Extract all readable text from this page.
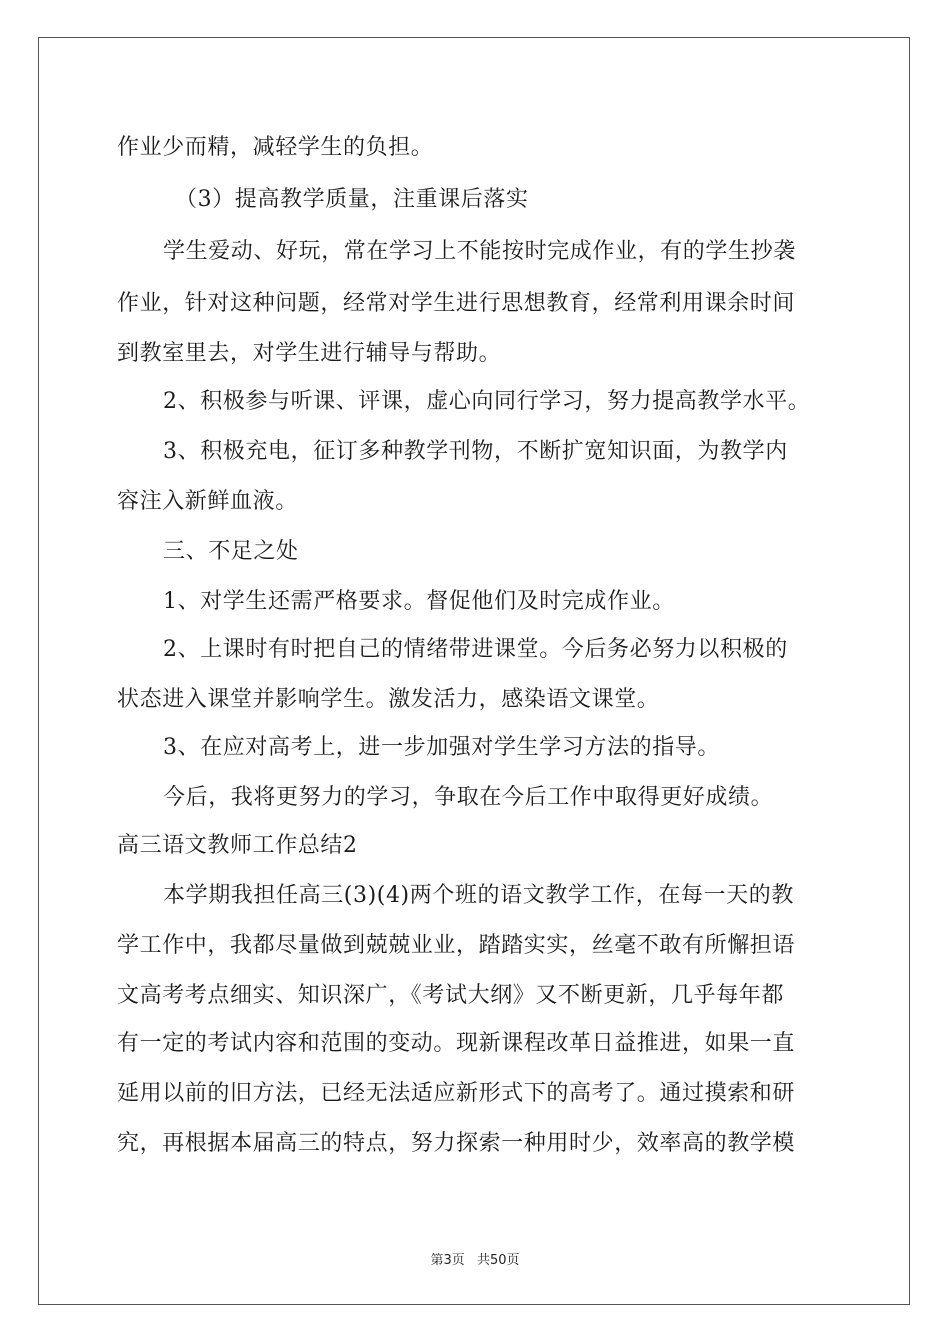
作业少而精，减轻学生的负担。
（3）提高教学质量，注重课后落实
学生爱动、好玩，常在学习上不能按时完成作业，有的学生抄袭
作业，针对这种问题，经常对学生进行思想教育，经常利用课余时间
到教室里去，对学生进行辅导与帮助。
2、积极参与听课、评课，虚心向同行学习，努力提高教学水平。
3、积极充电，征订多种教学刊物，不断扩宽知识面，为教学内
容注入新鲜血液。
三、不足之处
1、对学生还需严格要求。督促他们及时完成作业。
2、上课时有时把自己的情绪带进课堂。今后务必努力以积极的
状态进入课堂并影响学生。激发活力，感染语文课堂。
3、在应对高考上，进一步加强对学生学习方法的指导。
今后，我将更努力的学习，争取在今后工作中取得更好成绩。
高三语文教师工作总结2
本学期我担任高三(3)(4)两个班的语文教学工作，在每一天的教
学工作中，我都尽量做到兢兢业业，踏踏实实，丝毫不敢有所懈担语
文高考考点细实、知识深广，《考试大纲》又不断更新，几乎每年都
有一定的考试内容和范围的变动。现新课程改革日益推进，如果一直
延用以前的旧方法，已经无法适应新形式下的高考了。通过摸索和研
究，再根据本届高三的特点，努力探索一种用时少，效率高的教学模
第3页 共50页
